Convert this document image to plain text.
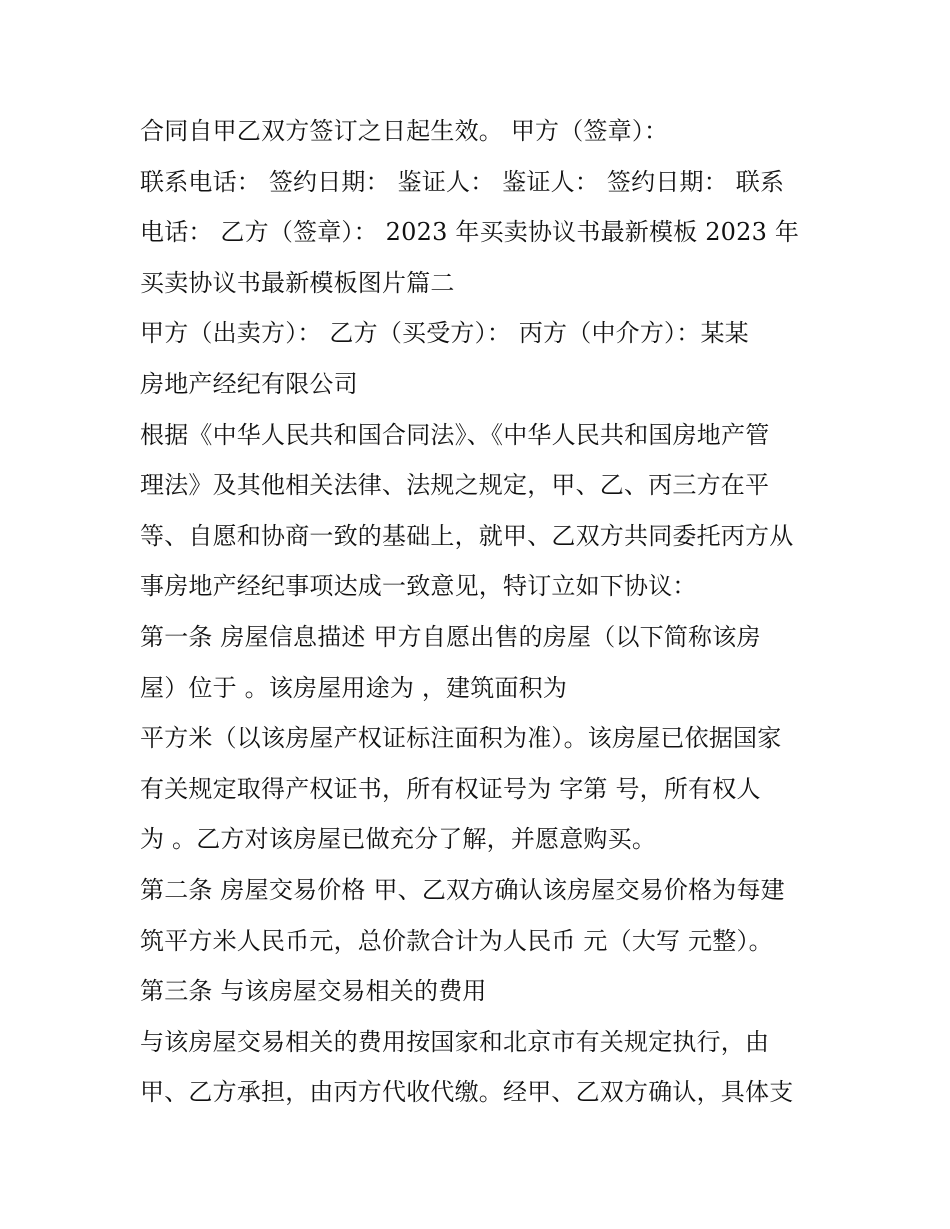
合同自甲乙双方签订之日起生效。 甲方（签章）：
联系电话： 签约日期： 鉴证人： 鉴证人： 签约日期： 联系
电话： 乙方（签章）： 2023 年买卖协议书最新模板 2023 年
买卖协议书最新模板图片篇二
甲方（出卖方）： 乙方（买受方）： 丙方（中介方）：某某
房地产经纪有限公司
根据《中华人民共和国合同法》、《中华人民共和国房地产管
理法》及其他相关法律、法规之规定，甲、乙、丙三方在平
等、自愿和协商一致的基础上，就甲、乙双方共同委托丙方从
事房地产经纪事项达成一致意见，特订立如下协议：
第一条 房屋信息描述 甲方自愿出售的房屋（以下简称该房
屋）位于 。该房屋用途为 ，建筑面积为
平方米（以该房屋产权证标注面积为准）。该房屋已依据国家
有关规定取得产权证书，所有权证号为 字第 号，所有权人
为 。乙方对该房屋已做充分了解，并愿意购买。
第二条 房屋交易价格 甲、乙双方确认该房屋交易价格为每建
筑平方米人民币元，总价款合计为人民币 元（大写 元整）。
第三条 与该房屋交易相关的费用
与该房屋交易相关的费用按国家和北京市有关规定执行，由
甲、乙方承担，由丙方代收代缴。经甲、乙双方确认，具体支
